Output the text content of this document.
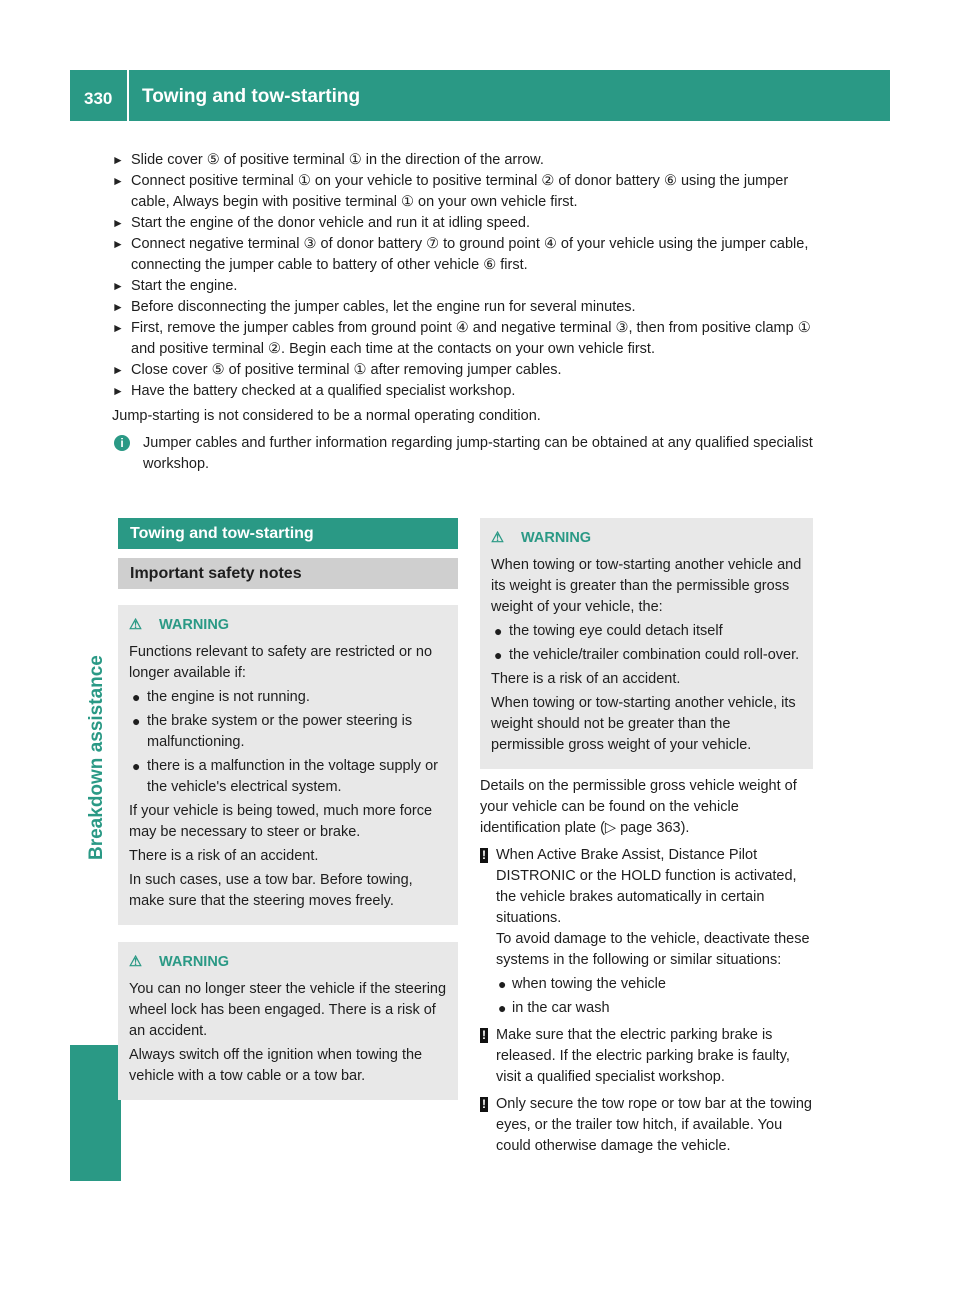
330 Towing and tow-starting
Breakdown assistance
► Slide cover ⑤ of positive terminal ① in the direction of the arrow.
► Connect positive terminal ① on your vehicle to positive terminal ② of donor battery ⑥ using the jumper cable, Always begin with positive terminal ① on your own vehicle first.
► Start the engine of the donor vehicle and run it at idling speed.
► Connect negative terminal ③ of donor battery ⑦ to ground point ④ of your vehicle using the jumper cable, connecting the jumper cable to battery of other vehicle ⑥ first.
► Start the engine.
► Before disconnecting the jumper cables, let the engine run for several minutes.
► First, remove the jumper cables from ground point ④ and negative terminal ③, then from positive clamp ① and positive terminal ②. Begin each time at the contacts on your own vehicle first.
► Close cover ⑤ of positive terminal ① after removing jumper cables.
► Have the battery checked at a qualified specialist workshop.

Jump-starting is not considered to be a normal operating condition.

i	Jumper cables and further information regarding jump-starting can be obtained at any qualified specialist workshop.
Towing and tow-starting
Important safety notes
⚠ WARNING

Functions relevant to safety are restricted or no longer available if:

● the engine is not running.
● the brake system or the power steering is malfunctioning.
● there is a malfunction in the voltage supply or the vehicle's electrical system.

If your vehicle is being towed, much more force may be necessary to steer or brake.

There is a risk of an accident.

In such cases, use a tow bar. Before towing, make sure that the steering moves freely.

⚠ WARNING

You can no longer steer the vehicle if the steering wheel lock has been engaged. There is a risk of an accident.

Always switch off the ignition when towing the vehicle with a tow cable or a tow bar.

⚠ WARNING

When towing or tow-starting another vehicle and its weight is greater than the permissible gross weight of your vehicle, the:

● the towing eye could detach itself
● the vehicle/trailer combination could roll-over.

There is a risk of an accident.

When towing or tow-starting another vehicle, its weight should not be greater than the permissible gross weight of your vehicle.

Details on the permissible gross vehicle weight of your vehicle can be found on the vehicle identification plate (▷ page 363).

! When Active Brake Assist, Distance Pilot DISTRONIC or the HOLD function is activated, the vehicle brakes automatically in certain situations.

To avoid damage to the vehicle, deactivate these systems in the following or similar situations:

● when towing the vehicle
● in the car wash
! Make sure that the electric parking brake is released. If the electric parking brake is faulty, visit a qualified specialist workshop.

! Only secure the tow rope or tow bar at the towing eyes, or the trailer tow hitch, if available. You could otherwise damage the vehicle.
